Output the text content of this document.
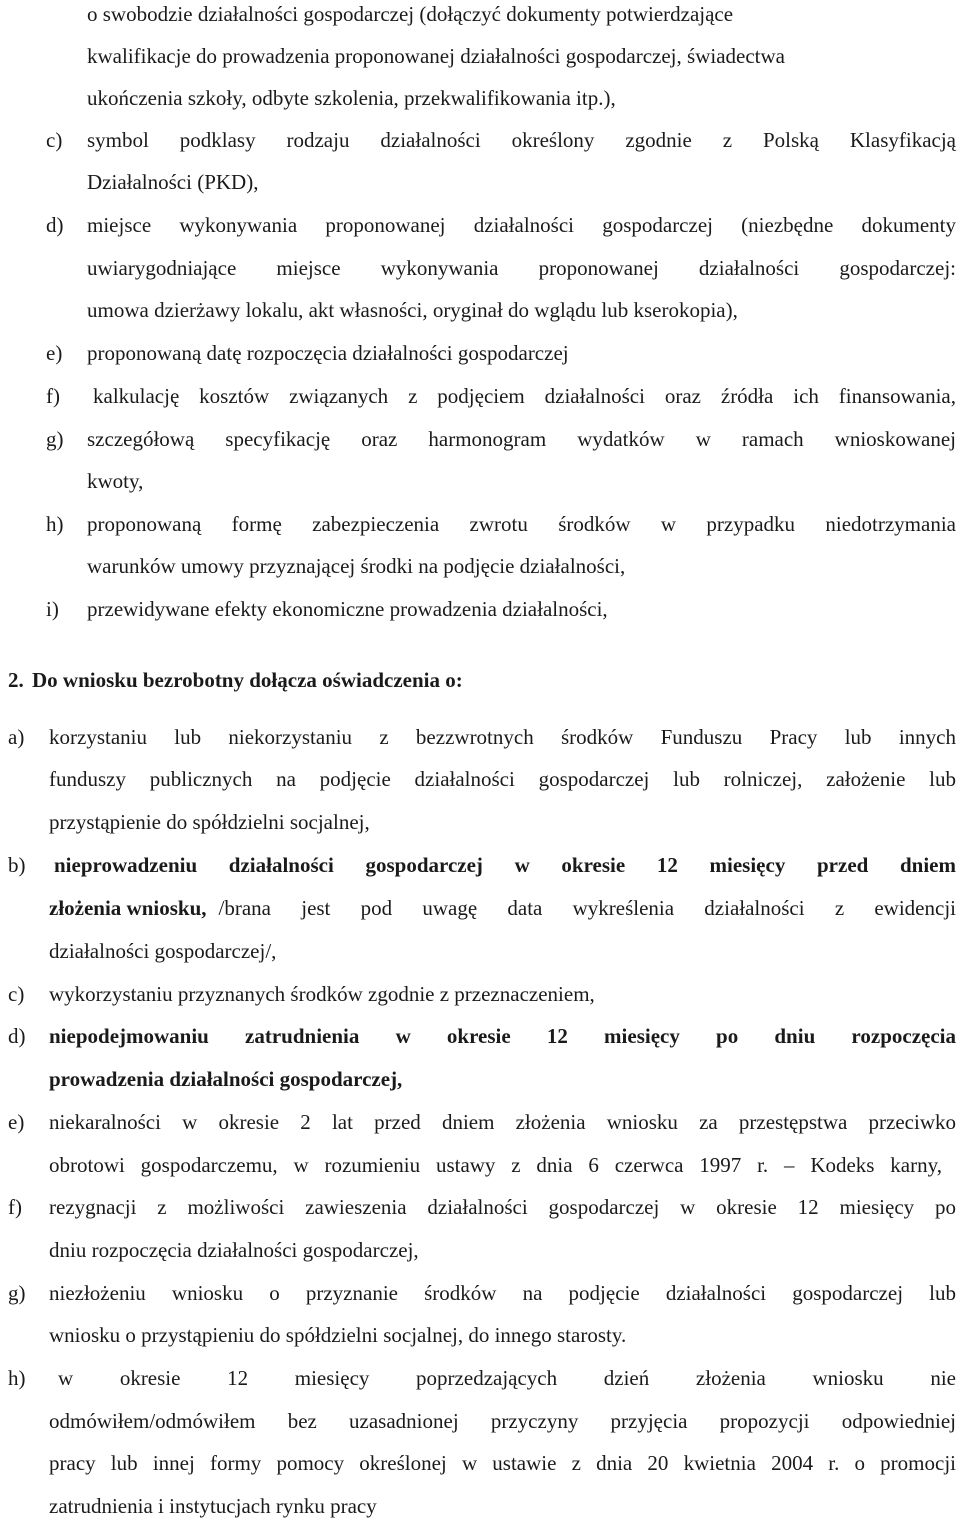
o swobodzie działalności gospodarczej (dołączyć dokumenty potwierdzające

kwalifikacje do prowadzenia proponowanej działalności gospodarczej, świadectwa

ukończenia szkoły, odbyte szkolenia, przekwalifikowania itp.),

c) symbol podklasy rodzaju działalności określony zgodnie z Polską Klasyfikacją

Działalności (PKD),

d) miejsce wykonywania proponowanej działalności gospodarczej (niezbędne dokumenty

uwiarygodniające miejsce wykonywania proponowanej działalności gospodarczej:

umowa dzierżawy lokalu, akt własności, oryginał do wglądu lub kserokopia),

e) proponowaną datę rozpoczęcia działalności gospodarczej

f) kalkulację kosztów związanych z podjęciem działalności oraz źródła ich finansowania,

g) szczegółową specyfikację oraz harmonogram wydatków w ramach wnioskowanej

kwoty,

h) proponowaną formę zabezpieczenia zwrotu środków w przypadku niedotrzymania

warunków umowy przyznającej środki na podjęcie działalności,

i) przewidywane efekty ekonomiczne prowadzenia działalności,

2. Do wniosku bezrobotny dołącza oświadczenia o:

a) korzystaniu lub niekorzystaniu z bezzwrotnych środków Funduszu Pracy lub innych

funduszy publicznych na podjęcie działalności gospodarczej lub rolniczej, założenie lub

przystąpienie do spółdzielni socjalnej,

b) nieprowadzeniu działalności gospodarczej w okresie 12 miesięcy przed dniem

złożenia wniosku, /brana jest pod uwagę data wykreślenia działalności z ewidencji

działalności gospodarczej/,

c) wykorzystaniu przyznanych środków zgodnie z przeznaczeniem,

d) niepodejmowaniu zatrudnienia w okresie 12 miesięcy po dniu rozpoczęcia

prowadzenia działalności gospodarczej,

e) niekaralności w okresie 2 lat przed dniem złożenia wniosku za przestępstwa przeciwko

obrotowi gospodarczemu, w rozumieniu ustawy z dnia 6 czerwca 1997 r. – Kodeks karny,

f) rezygnacji z możliwości zawieszenia działalności gospodarczej w okresie 12 miesięcy po

dniu rozpoczęcia działalności gospodarczej,

g) niezłożeniu wniosku o przyznanie środków na podjęcie działalności gospodarczej lub

wniosku o przystąpieniu do spółdzielni socjalnej, do innego starosty.

h) w okresie 12 miesięcy poprzedzających dzień złożenia wniosku nie

odmówiłem/odmówiłem bez uzasadnionej przyczyny przyjęcia propozycji odpowiedniej

pracy lub innej formy pomocy określonej w ustawie z dnia 20 kwietnia 2004 r. o promocji

zatrudnienia i instytucjach rynku pracy
